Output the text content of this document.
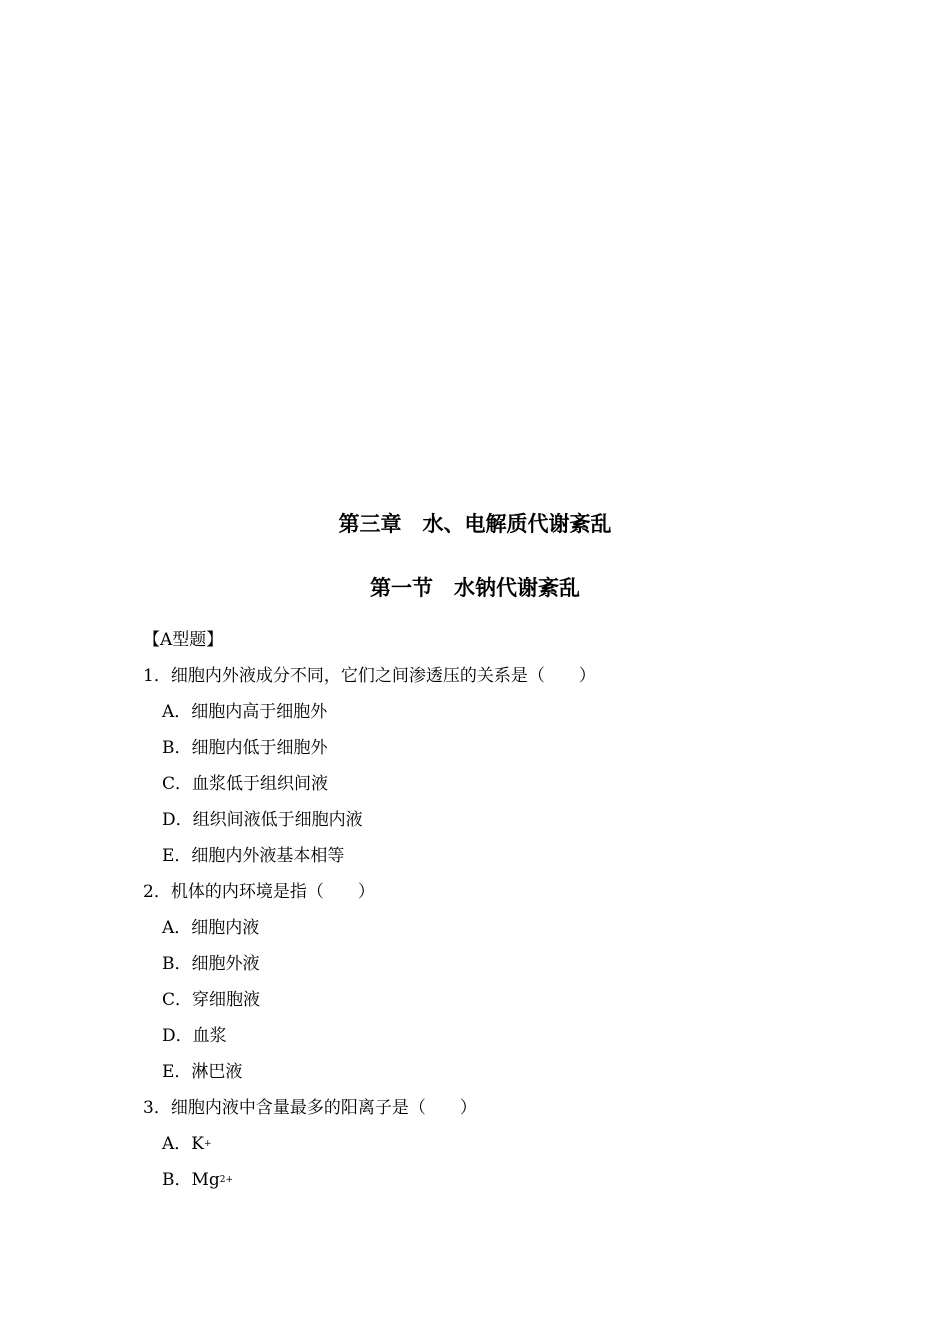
第三章　水、电解质代谢紊乱
第一节　水钠代谢紊乱
【A型题】
1．细胞内外液成分不同，它们之间渗透压的关系是（　　）
A．细胞内高于细胞外
B．细胞内低于细胞外
C．血浆低于组织间液
D．组织间液低于细胞内液
E．细胞内外液基本相等
2．机体的内环境是指（　　）
A．细胞内液
B．细胞外液
C．穿细胞液
D．血浆
E．淋巴液
3．细胞内液中含量最多的阳离子是（　　）
A．K+
B．$Mg^{2+}$
